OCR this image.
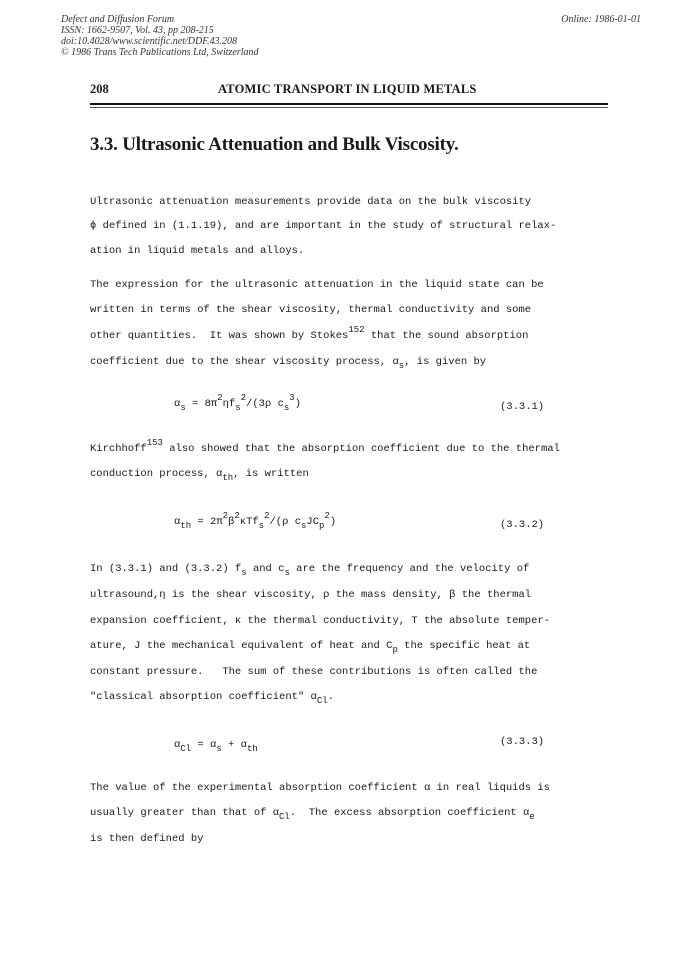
Defect and Diffusion Forum
ISSN: 1662-9507, Vol. 43, pp 208-215
doi:10.4028/www.scientific.net/DDF.43.208
© 1986 Trans Tech Publications Ltd, Switzerland
Online: 1986-01-01
208	ATOMIC TRANSPORT IN LIQUID METALS
3.3. Ultrasonic Attenuation and Bulk Viscosity.
Ultrasonic attenuation measurements provide data on the bulk viscosity
ϕ defined in (1.1.19), and are important in the study of structural relax-
ation in liquid metals and alloys.
The expression for the ultrasonic attenuation in the liquid state can be
written in terms of the shear viscosity, thermal conductivity and some
other quantities.  It was shown by Stokes152 that the sound absorption
coefficient due to the shear viscosity process, αs, is given by
αs = 8π2ηfs2/(3ρ cs3)	(3.3.1)
Kirchhoff153 also showed that the absorption coefficient due to the thermal
conduction process, αth, is written
αth = 2π2β2κTfs2/(ρ csJCp2)	(3.3.2)
In (3.3.1) and (3.3.2) fs and cs are the frequency and the velocity of
ultrasound,η is the shear viscosity, ρ the mass density, β the thermal
expansion coefficient, κ the thermal conductivity, T the absolute temper-
ature, J the mechanical equivalent of heat and Cp the specific heat at
constant pressure.   The sum of these contributions is often called the
"classical absorption coefficient" αCl.
αCl = αs + αth
(3.3.3)
The value of the experimental absorption coefficient α in real liquids is
usually greater than that of αCl.  The excess absorption coefficient αe
is then defined by
